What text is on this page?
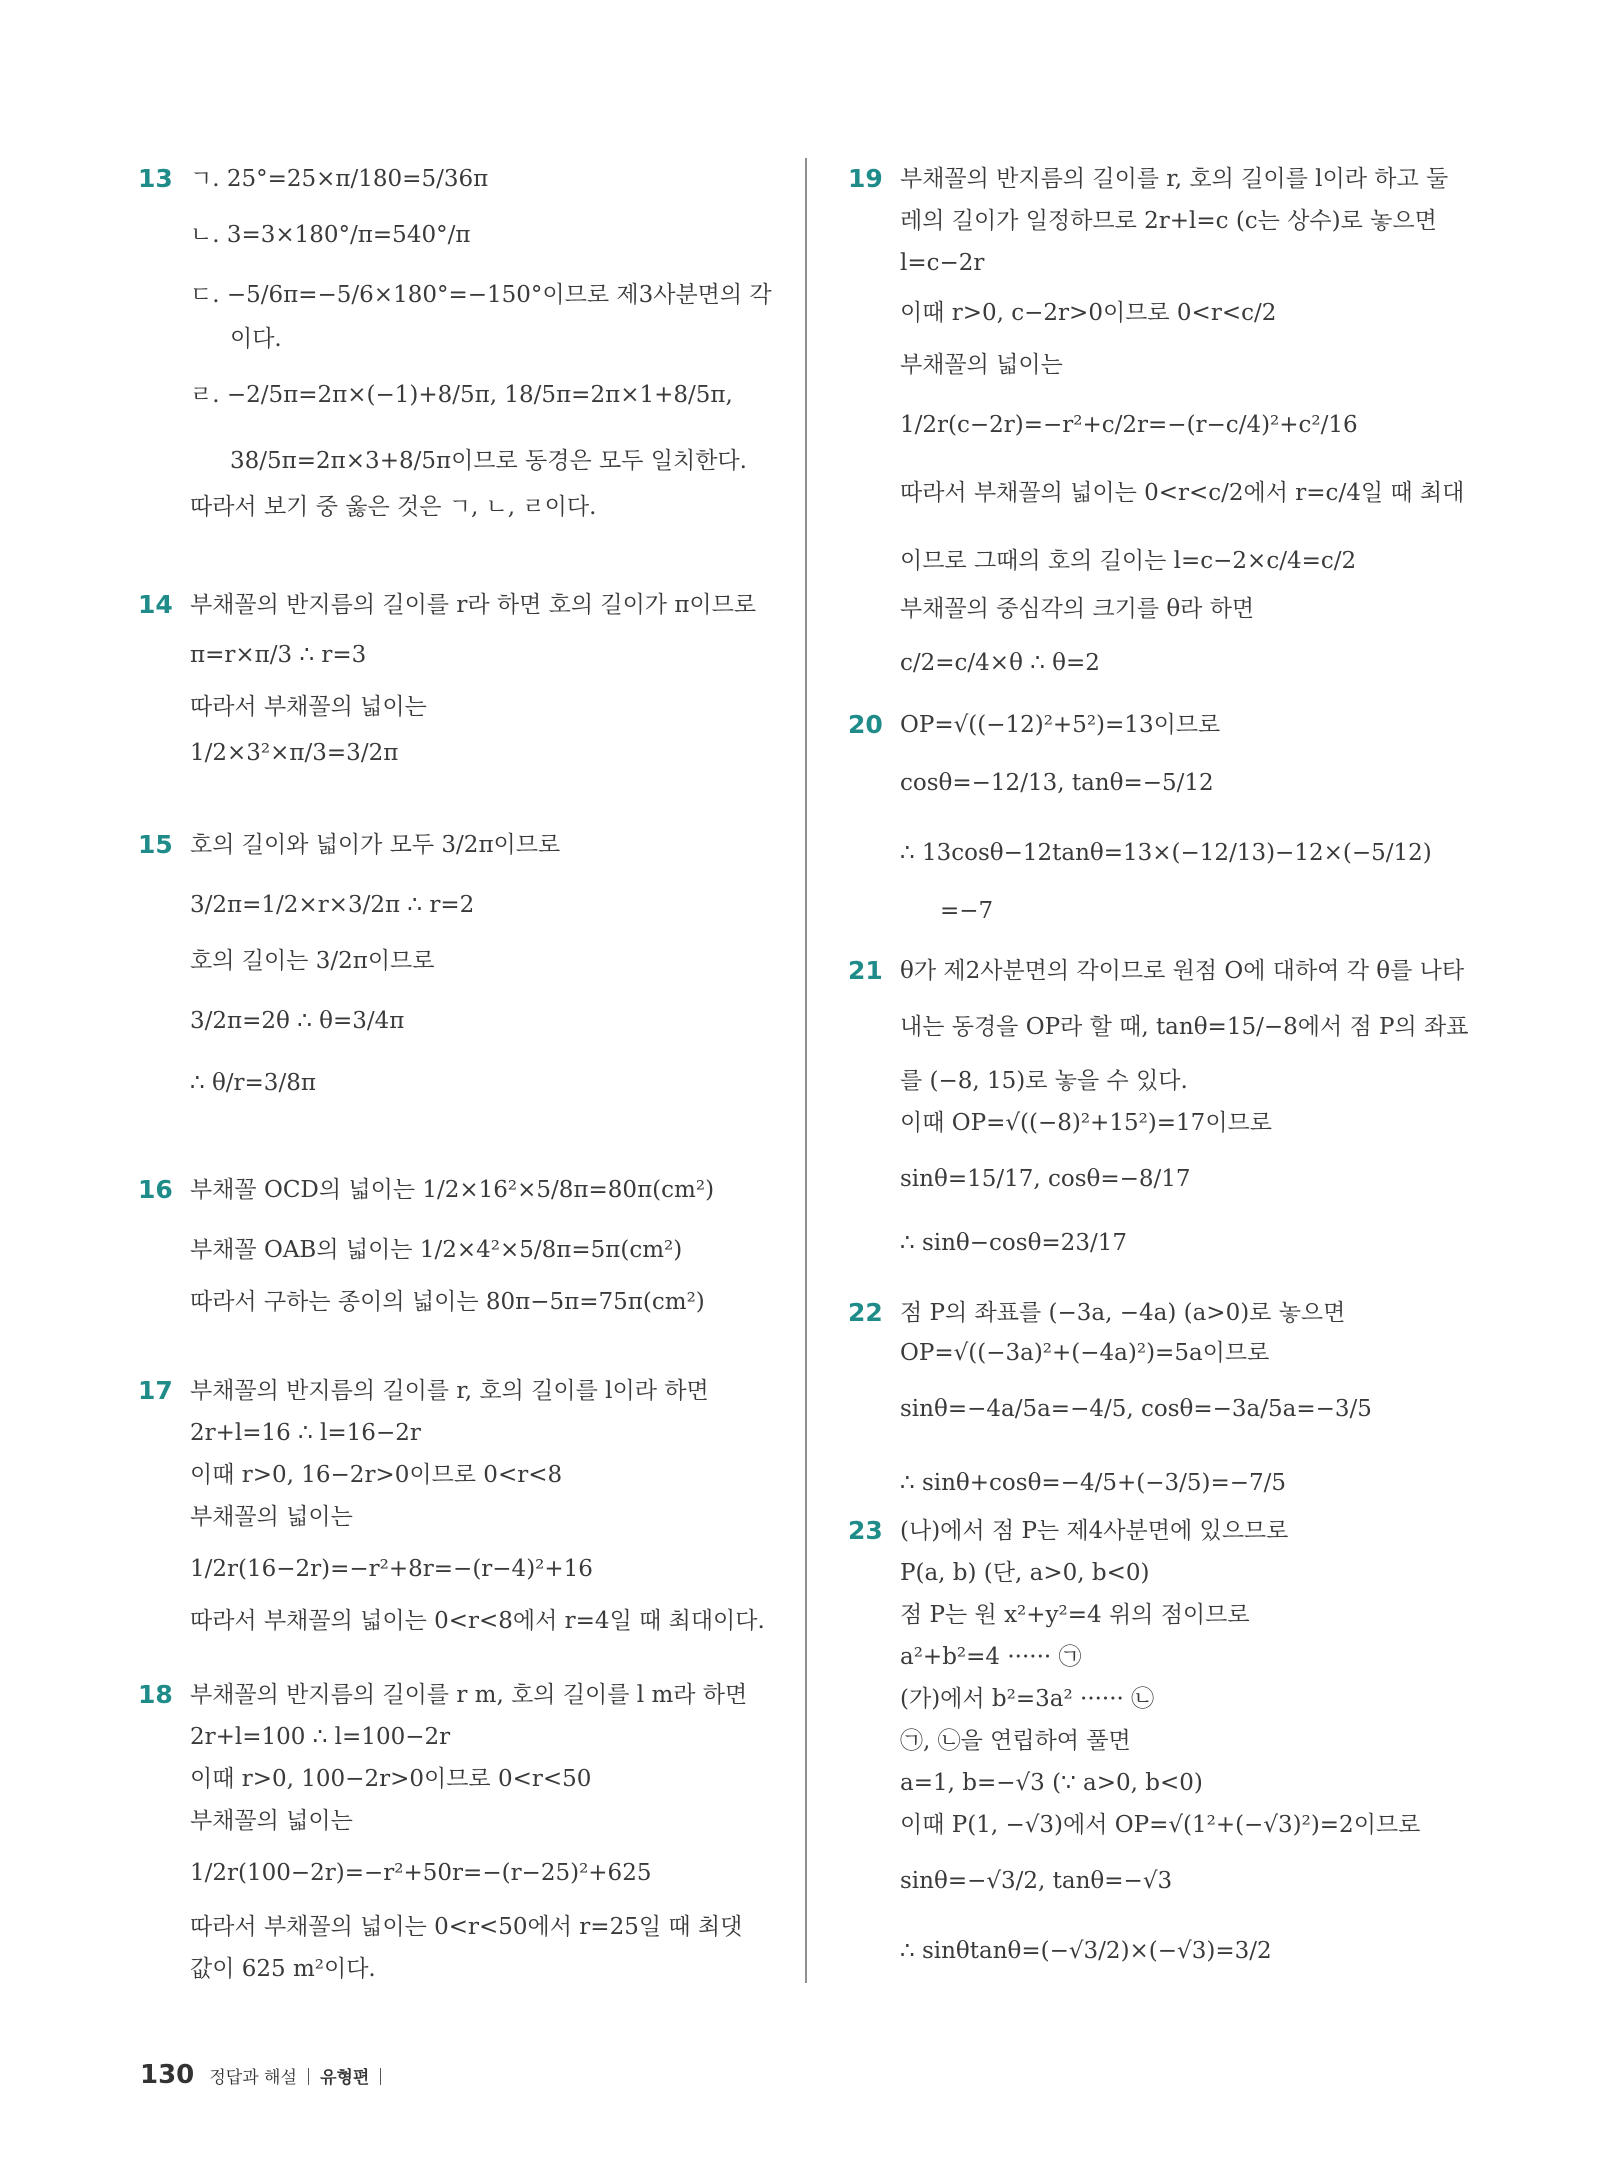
13 ㄱ. 25°=25×π/180=5/36π
ㄴ. 3=3×180°/π=540°/π
ㄷ. −5/6π=−5/6×180°=−150°이므로 제3사분면의 각
이다.
ㄹ. −2/5π=2π×(−1)+8/5π, 18/5π=2π×1+8/5π,
38/5π=2π×3+8/5π이므로 동경은 모두 일치한다.
따라서 보기 중 옳은 것은 ㄱ, ㄴ, ㄹ이다.
14 부채꼴의 반지름의 길이를 r라 하면 호의 길이가 π이므로
π=r×π/3 ∴ r=3
따라서 부채꼴의 넓이는
1/2×3²×π/3=3/2π
15 호의 길이와 넓이가 모두 3/2π이므로
3/2π=1/2×r×3/2π ∴ r=2
호의 길이는 3/2π이므로
3/2π=2θ ∴ θ=3/4π
∴ θ/r=3/8π
16 부채꼴 OCD의 넓이는 1/2×16²×5/8π=80π(cm²)
부채꼴 OAB의 넓이는 1/2×4²×5/8π=5π(cm²)
따라서 구하는 종이의 넓이는 80π−5π=75π(cm²)
17 부채꼴의 반지름의 길이를 r, 호의 길이를 l이라 하면
2r+l=16 ∴ l=16−2r
이때 r>0, 16−2r>0이므로 0<r<8
부채꼴의 넓이는
1/2r(16−2r)=−r²+8r=−(r−4)²+16
따라서 부채꼴의 넓이는 0<r<8에서 r=4일 때 최대이다.
18 부채꼴의 반지름의 길이를 r m, 호의 길이를 l m라 하면
2r+l=100 ∴ l=100−2r
이때 r>0, 100−2r>0이므로 0<r<50
부채꼴의 넓이는
1/2r(100−2r)=−r²+50r=−(r−25)²+625
따라서 부채꼴의 넓이는 0<r<50에서 r=25일 때 최댓
값이 625 m²이다.
19 부채꼴의 반지름의 길이를 r, 호의 길이를 l이라 하고 둘
레의 길이가 일정하므로 2r+l=c (c는 상수)로 놓으면
l=c−2r
이때 r>0, c−2r>0이므로 0<r<c/2
부채꼴의 넓이는
1/2r(c−2r)=−r²+c/2r=−(r−c/4)²+c²/16
따라서 부채꼴의 넓이는 0<r<c/2에서 r=c/4일 때 최대
이므로 그때의 호의 길이는 l=c−2×c/4=c/2
부채꼴의 중심각의 크기를 θ라 하면
c/2=c/4×θ ∴ θ=2
20 OP=√((−12)²+5²)=13이므로
cosθ=−12/13, tanθ=−5/12
∴ 13cosθ−12tanθ=13×(−12/13)−12×(−5/12)
=−7
21 θ가 제2사분면의 각이므로 원점 O에 대하여 각 θ를 나타
내는 동경을 OP라 할 때, tanθ=15/−8에서 점 P의 좌표
를 (−8, 15)로 놓을 수 있다.
이때 OP=√((−8)²+15²)=17이므로
sinθ=15/17, cosθ=−8/17
∴ sinθ−cosθ=23/17
22 점 P의 좌표를 (−3a, −4a) (a>0)로 놓으면
OP=√((−3a)²+(−4a)²)=5a이므로
sinθ=−4a/5a=−4/5, cosθ=−3a/5a=−3/5
∴ sinθ+cosθ=−4/5+(−3/5)=−7/5
23 (나)에서 점 P는 제4사분면에 있으므로
P(a, b) (단, a>0, b<0)
점 P는 원 x²+y²=4 위의 점이므로
a²+b²=4 ······ ㉠
(가)에서 b²=3a² ······ ㉡
㉠, ㉡을 연립하여 풀면
a=1, b=−√3 (∵ a>0, b<0)
이때 P(1, −√3)에서 OP=√(1²+(−√3)²)=2이므로
sinθ=−√3/2, tanθ=−√3
∴ sinθtanθ=(−√3/2)×(−√3)=3/2
130 정답과 해설 유형편
